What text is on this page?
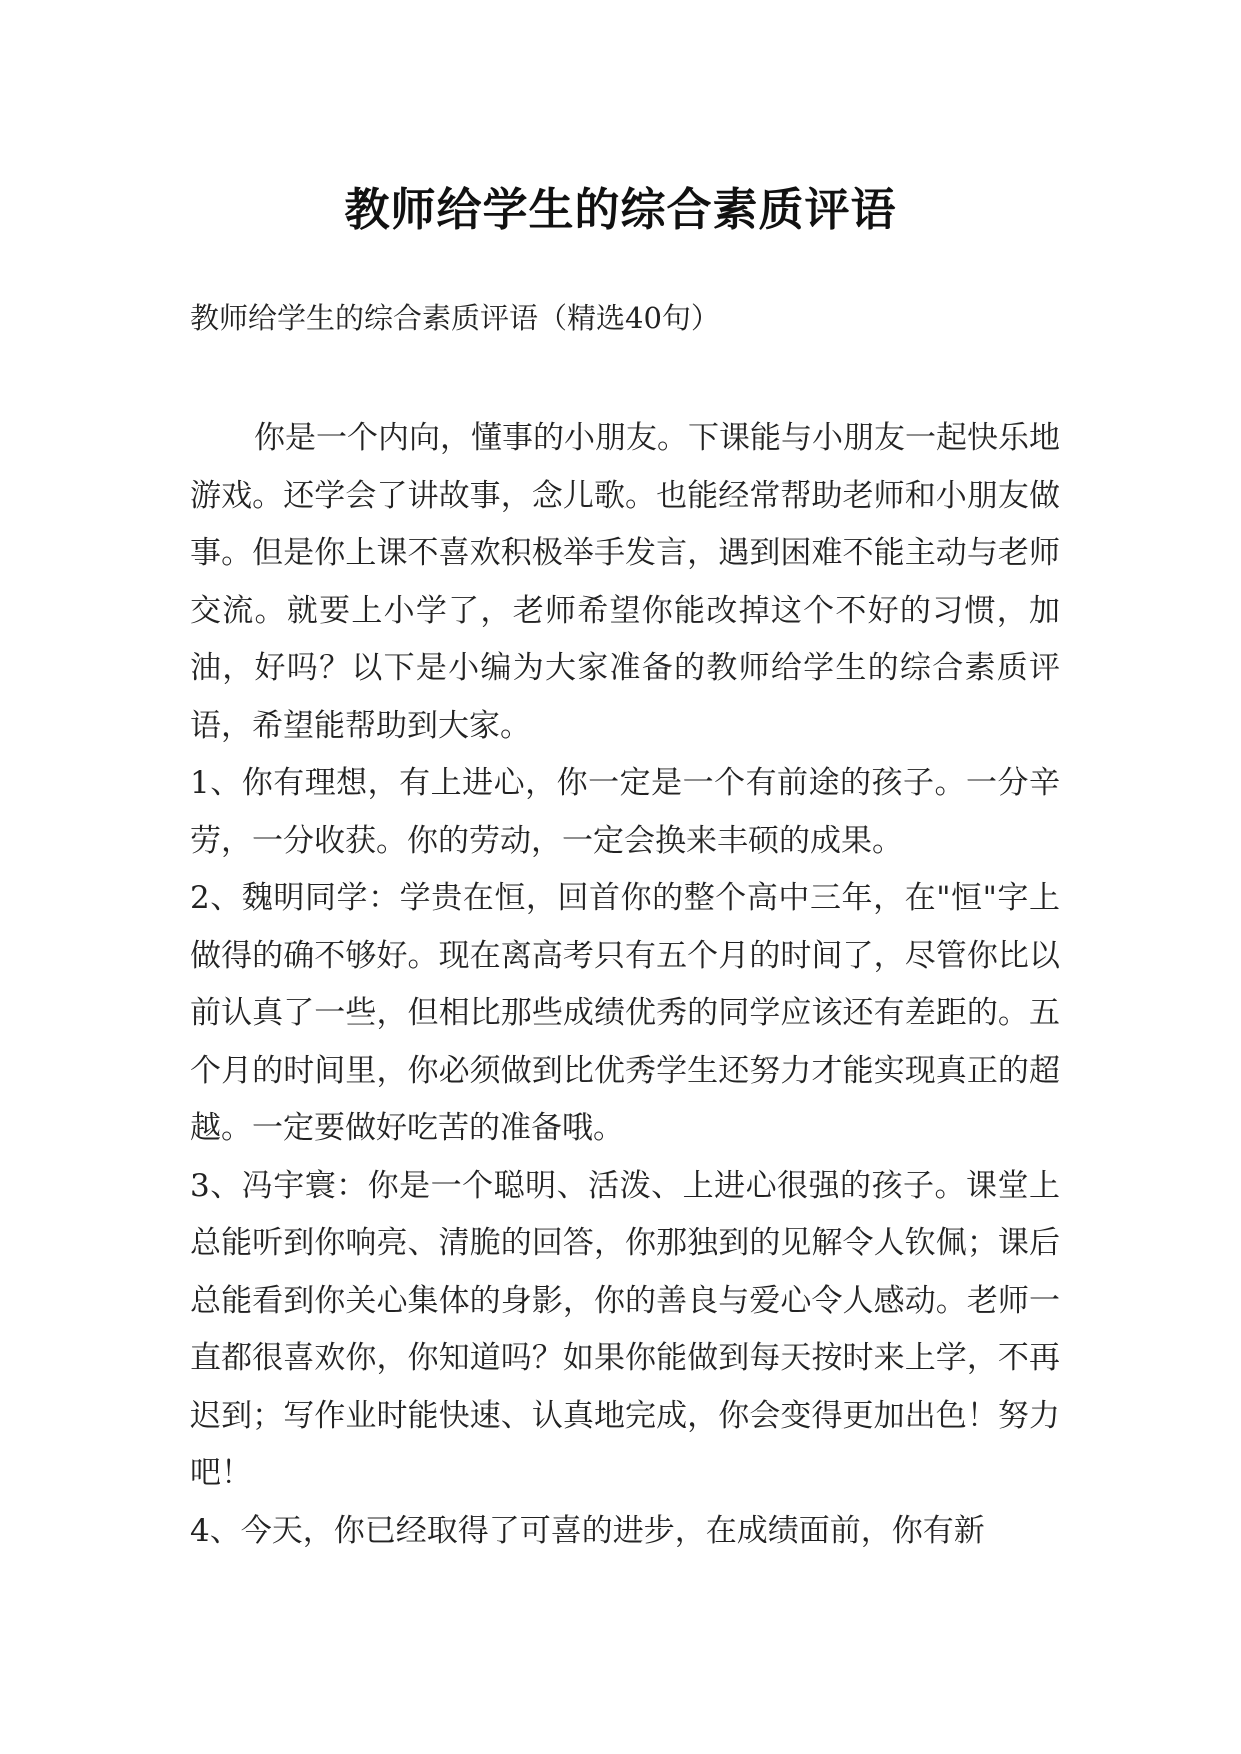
教师给学生的综合素质评语
教师给学生的综合素质评语（精选40句）

你是一个内向，懂事的小朋友。下课能与小朋友一起快乐地游戏。还学会了讲故事，念儿歌。也能经常帮助老师和小朋友做事。但是你上课不喜欢积极举手发言，遇到困难不能主动与老师交流。就要上小学了，老师希望你能改掉这个不好的习惯，加油，好吗？以下是小编为大家准备的教师给学生的综合素质评语，希望能帮助到大家。

1、你有理想，有上进心，你一定是一个有前途的孩子。一分辛劳，一分收获。你的劳动，一定会换来丰硕的成果。

2、魏明同学：学贵在恒，回首你的整个高中三年，在"恒"字上做得的确不够好。现在离高考只有五个月的时间了，尽管你比以前认真了一些，但相比那些成绩优秀的同学应该还有差距的。五个月的时间里，你必须做到比优秀学生还努力才能实现真正的超越。一定要做好吃苦的准备哦。

3、冯宇寰：你是一个聪明、活泼、上进心很强的孩子。课堂上总能听到你响亮、清脆的回答，你那独到的见解令人钦佩；课后总能看到你关心集体的身影，你的善良与爱心令人感动。老师一直都很喜欢你，你知道吗？如果你能做到每天按时来上学，不再迟到；写作业时能快速、认真地完成，你会变得更加出色！努力吧！

4、今天，你已经取得了可喜的进步，在成绩面前，你有新
